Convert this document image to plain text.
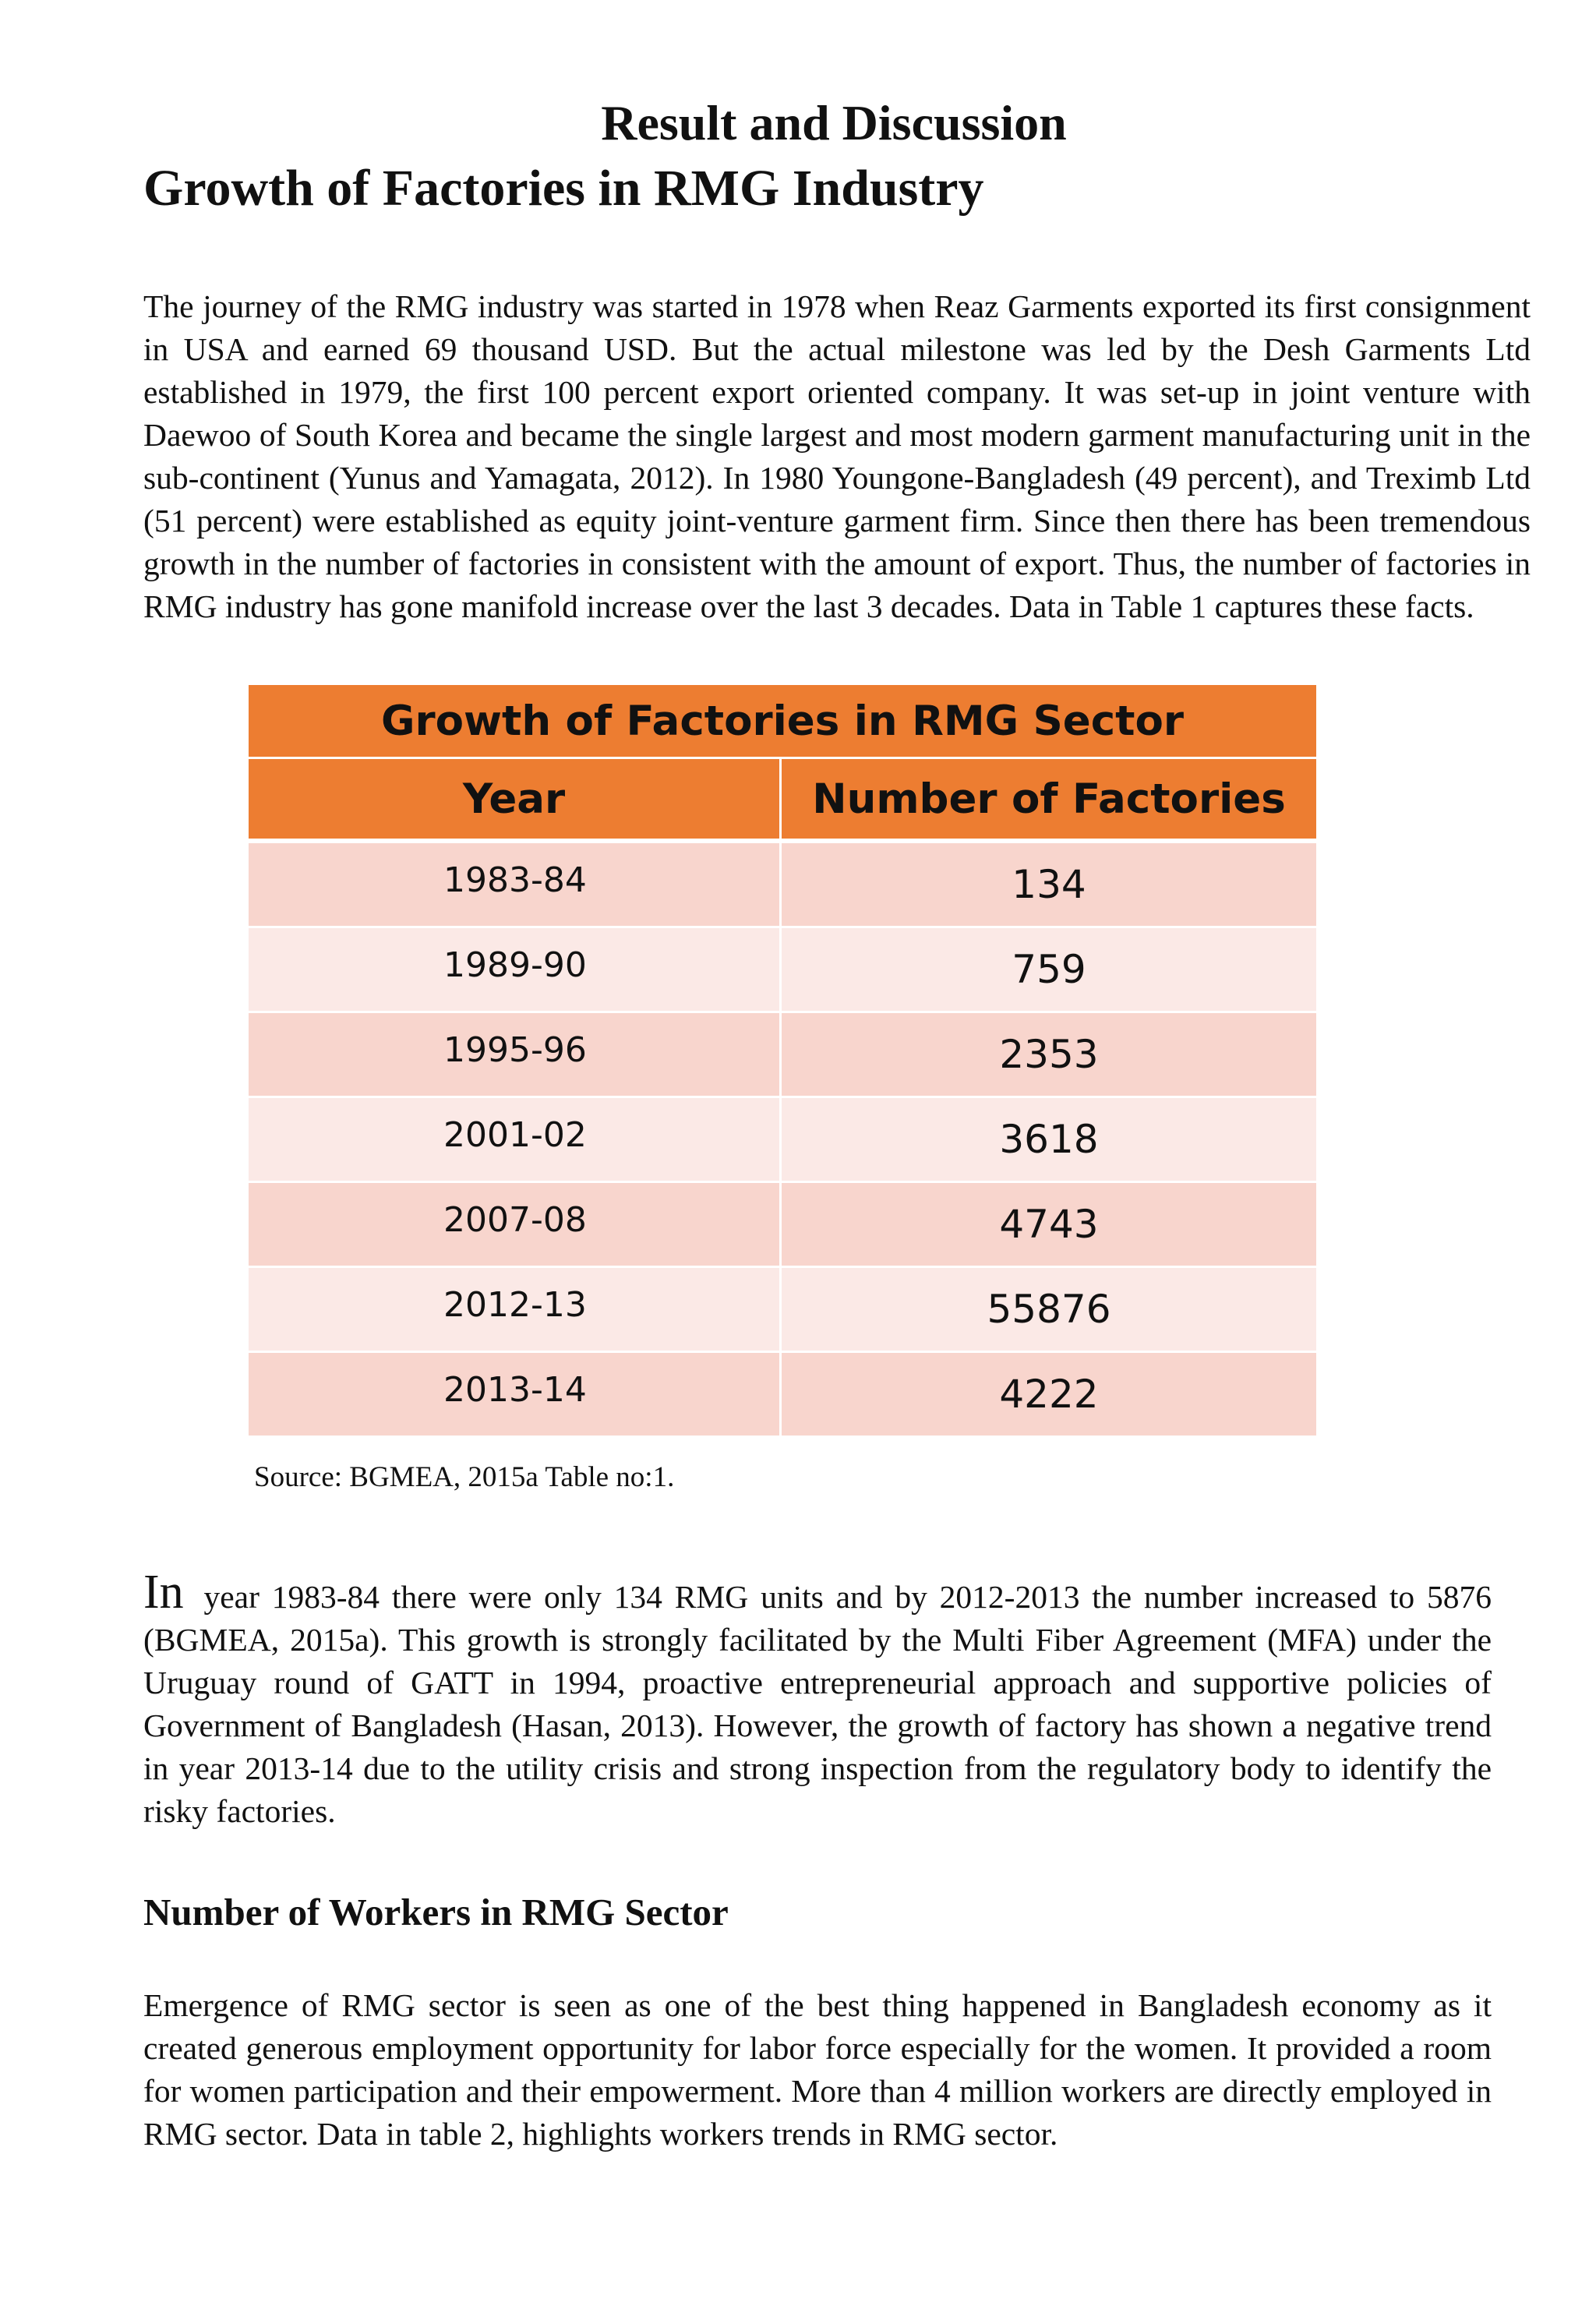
Result and Discussion
Growth of Factories in RMG Industry

The journey of the RMG industry was started in 1978 when Reaz Garments exported its first consignment in USA and earned 69 thousand USD. But the actual milestone was led by the Desh Garments Ltd established in 1979, the first 100 percent export oriented company. It was set-up in joint venture with Daewoo of South Korea and became the single largest and most modern garment manufacturing unit in the sub-continent (Yunus and Yamagata, 2012). In 1980 Youngone-Bangladesh (49 percent), and Treximb Ltd (51 percent) were established as equity joint-venture garment firm. Since then there has been tremendous growth in the number of factories in consistent with the amount of export. Thus, the number of factories in RMG industry has gone manifold increase over the last 3 decades. Data in Table 1 captures these facts.

Growth of Factories in RMG Sector	
Year	Number of Factories
1983-84	134
1989-90	759
1995-96	2353
2001-02	3618
2007-08	4743
2012-13	55876
2013-14	4222

Source: BGMEA, 2015a Table no:1.

In year 1983-84 there were only 134 RMG units and by 2012-2013 the number increased to 5876 (BGMEA, 2015a). This growth is strongly facilitated by the Multi Fiber Agreement (MFA) under the Uruguay round of GATT in 1994, proactive entrepreneurial approach and supportive policies of Government of Bangladesh (Hasan, 2013). However, the growth of factory has shown a negative trend in year 2013-14 due to the utility crisis and strong inspection from the regulatory body to identify the risky factories.

Number of Workers in RMG Sector

Emergence of RMG sector is seen as one of the best thing happened in Bangladesh economy as it created generous employment opportunity for labor force especially for the women. It provided a room for women participation and their empowerment. More than 4 million workers are directly employed in RMG sector. Data in table 2, highlights workers trends in RMG sector.
